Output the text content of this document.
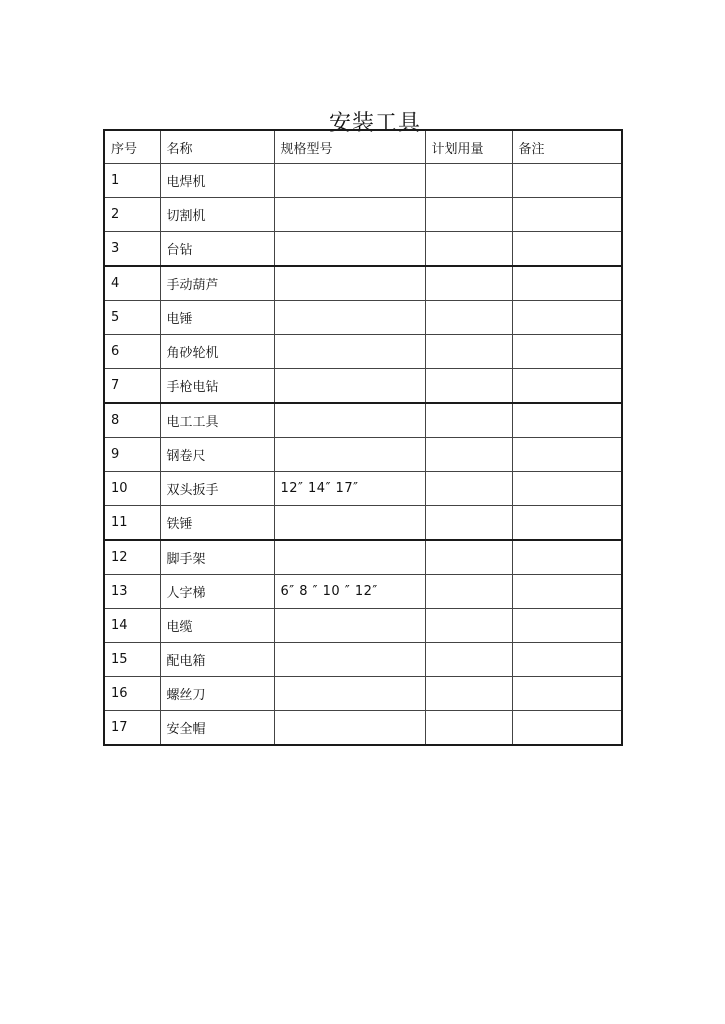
安装工具
序号	名称	规格型号	计划用量	备注
1	电焊机			
2	切割机			
3	台钻			
4	手动葫芦			
5	电锤			
6	角砂轮机			
7	手枪电钻			
8	电工工具			
9	钢卷尺			
10	双头扳手	12″ 14″ 17″		
11	铁锤			
12	脚手架			
13	人字梯	6″ 8 ″ 10 ″ 12″		
14	电缆			
15	配电箱			
16	螺丝刀			
17	安全帽			
